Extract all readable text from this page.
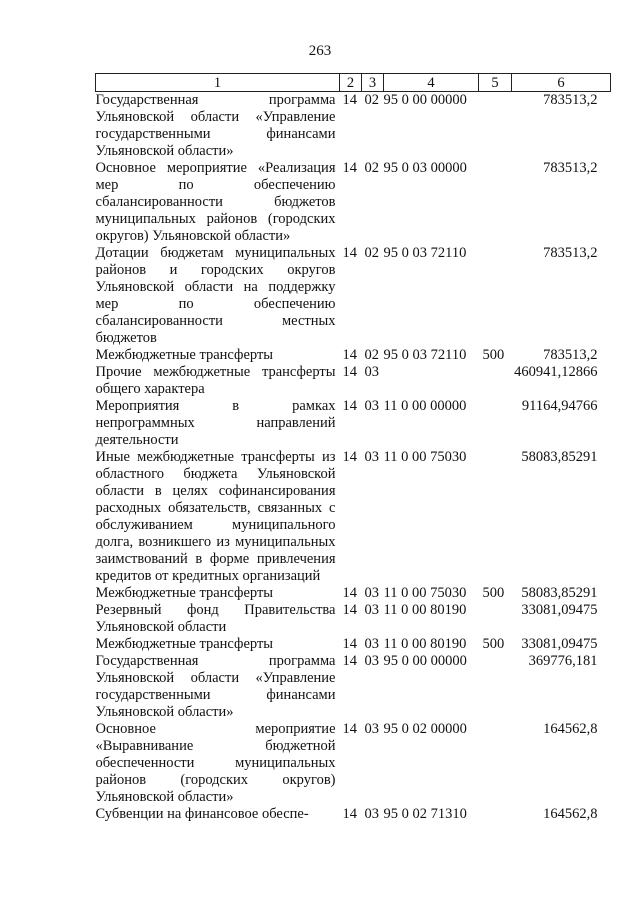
263
1	2	3	4	5	6
Государственная программа Ульяновской области «Управление государственными финансами Ульяновской области»	14	02	95 0 00 00000		783513,2
Основное мероприятие «Реализация мер по обеспечению сбалансированности бюджетов муниципальных районов (городских округов) Ульяновской области»	14	02	95 0 03 00000		783513,2
Дотации бюджетам муниципальных районов и городских округов Ульяновской области на поддержку мер по обеспечению сбалансированности местных бюджетов	14	02	95 0 03 72110		783513,2
Межбюджетные трансферты	14	02	95 0 03 72110	500	783513,2
Прочие межбюджетные трансферты общего характера	14	03			460941,12866
Мероприятия в рамках непрограммных направлений деятельности	14	03	11 0 00 00000		91164,94766
Иные межбюджетные трансферты из областного бюджета Ульяновской области в целях софинансирования расходных обязательств, связанных с обслуживанием муниципального долга, возникшего из муниципальных заимствований в форме привлечения кредитов от кредитных организаций	14	03	11 0 00 75030		58083,85291
Межбюджетные трансферты	14	03	11 0 00 75030	500	58083,85291
Резервный фонд Правительства Ульяновской области	14	03	11 0 00 80190		33081,09475
Межбюджетные трансферты	14	03	11 0 00 80190	500	33081,09475
Государственная программа Ульяновской области «Управление государственными финансами Ульяновской области»	14	03	95 0 00 00000		369776,181
Основное мероприятие «Выравнивание бюджетной обеспеченности муниципальных районов (городских округов) Ульяновской области»	14	03	95 0 02 00000		164562,8
Субвенции на финансовое обеспе-	14	03	95 0 02 71310		164562,8
